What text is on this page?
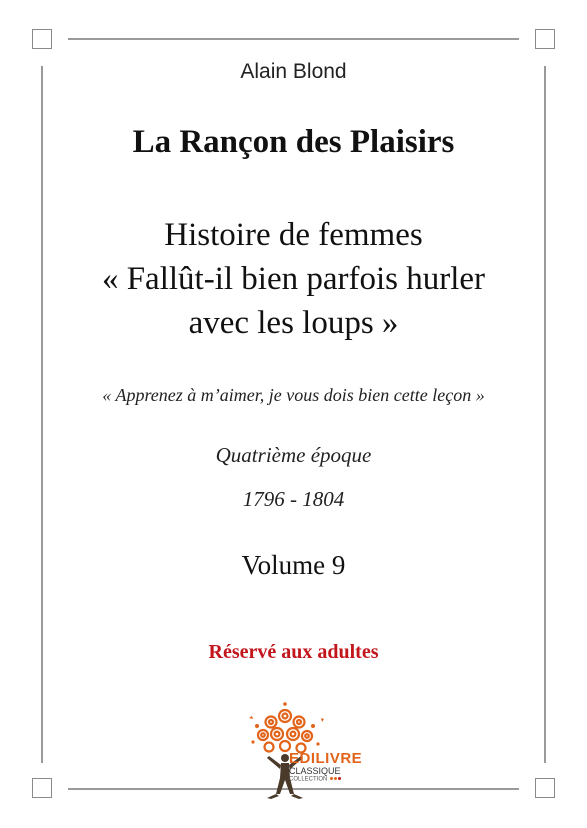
Alain Blond
La Rançon des Plaisirs
Histoire de femmes
« Fallût-il bien parfois hurler
avec les loups »
« Apprenez à m’aimer, je vous dois bien cette leçon »
Quatrième époque
1796 - 1804
Volume 9
Réservé aux adultes
EDILIVRE
CLASSIQUE
COLLECTION
